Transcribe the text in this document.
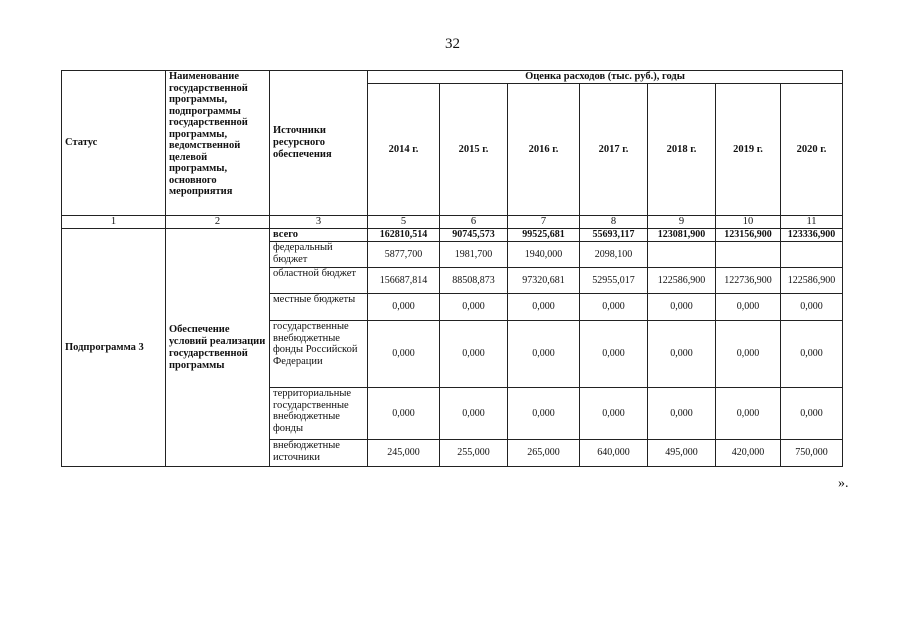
32
Статус	Наименование государственной программы, подпрограммы государственной программы, ведомственной целевой программы, основного мероприятия	Источники ресурсного обеспечения	Оценка расходов (тыс. руб.), годы						
			2014 г.	2015 г.	2016 г.	2017 г.	2018 г.	2019 г.	2020 г.
1	2	3	5	6	7	8	9	10	11
Подпрограмма 3	Обеспечение условий реализации государственной программы	всего	162810,514	90745,573	99525,681	55693,117	123081,900	123156,900	123336,900
		федеральный бюджет	5877,700	1981,700	1940,000	2098,100			
		областной бюджет	156687,814	88508,873	97320,681	52955,017	122586,900	122736,900	122586,900
		местные бюджеты	0,000	0,000	0,000	0,000	0,000	0,000	0,000
		государственные внебюджетные фонды Российской Федерации	0,000	0,000	0,000	0,000	0,000	0,000	0,000
		территориальные государственные внебюджетные фонды	0,000	0,000	0,000	0,000	0,000	0,000	0,000
		внебюджетные источники	245,000	255,000	265,000	640,000	495,000	420,000	750,000
».
